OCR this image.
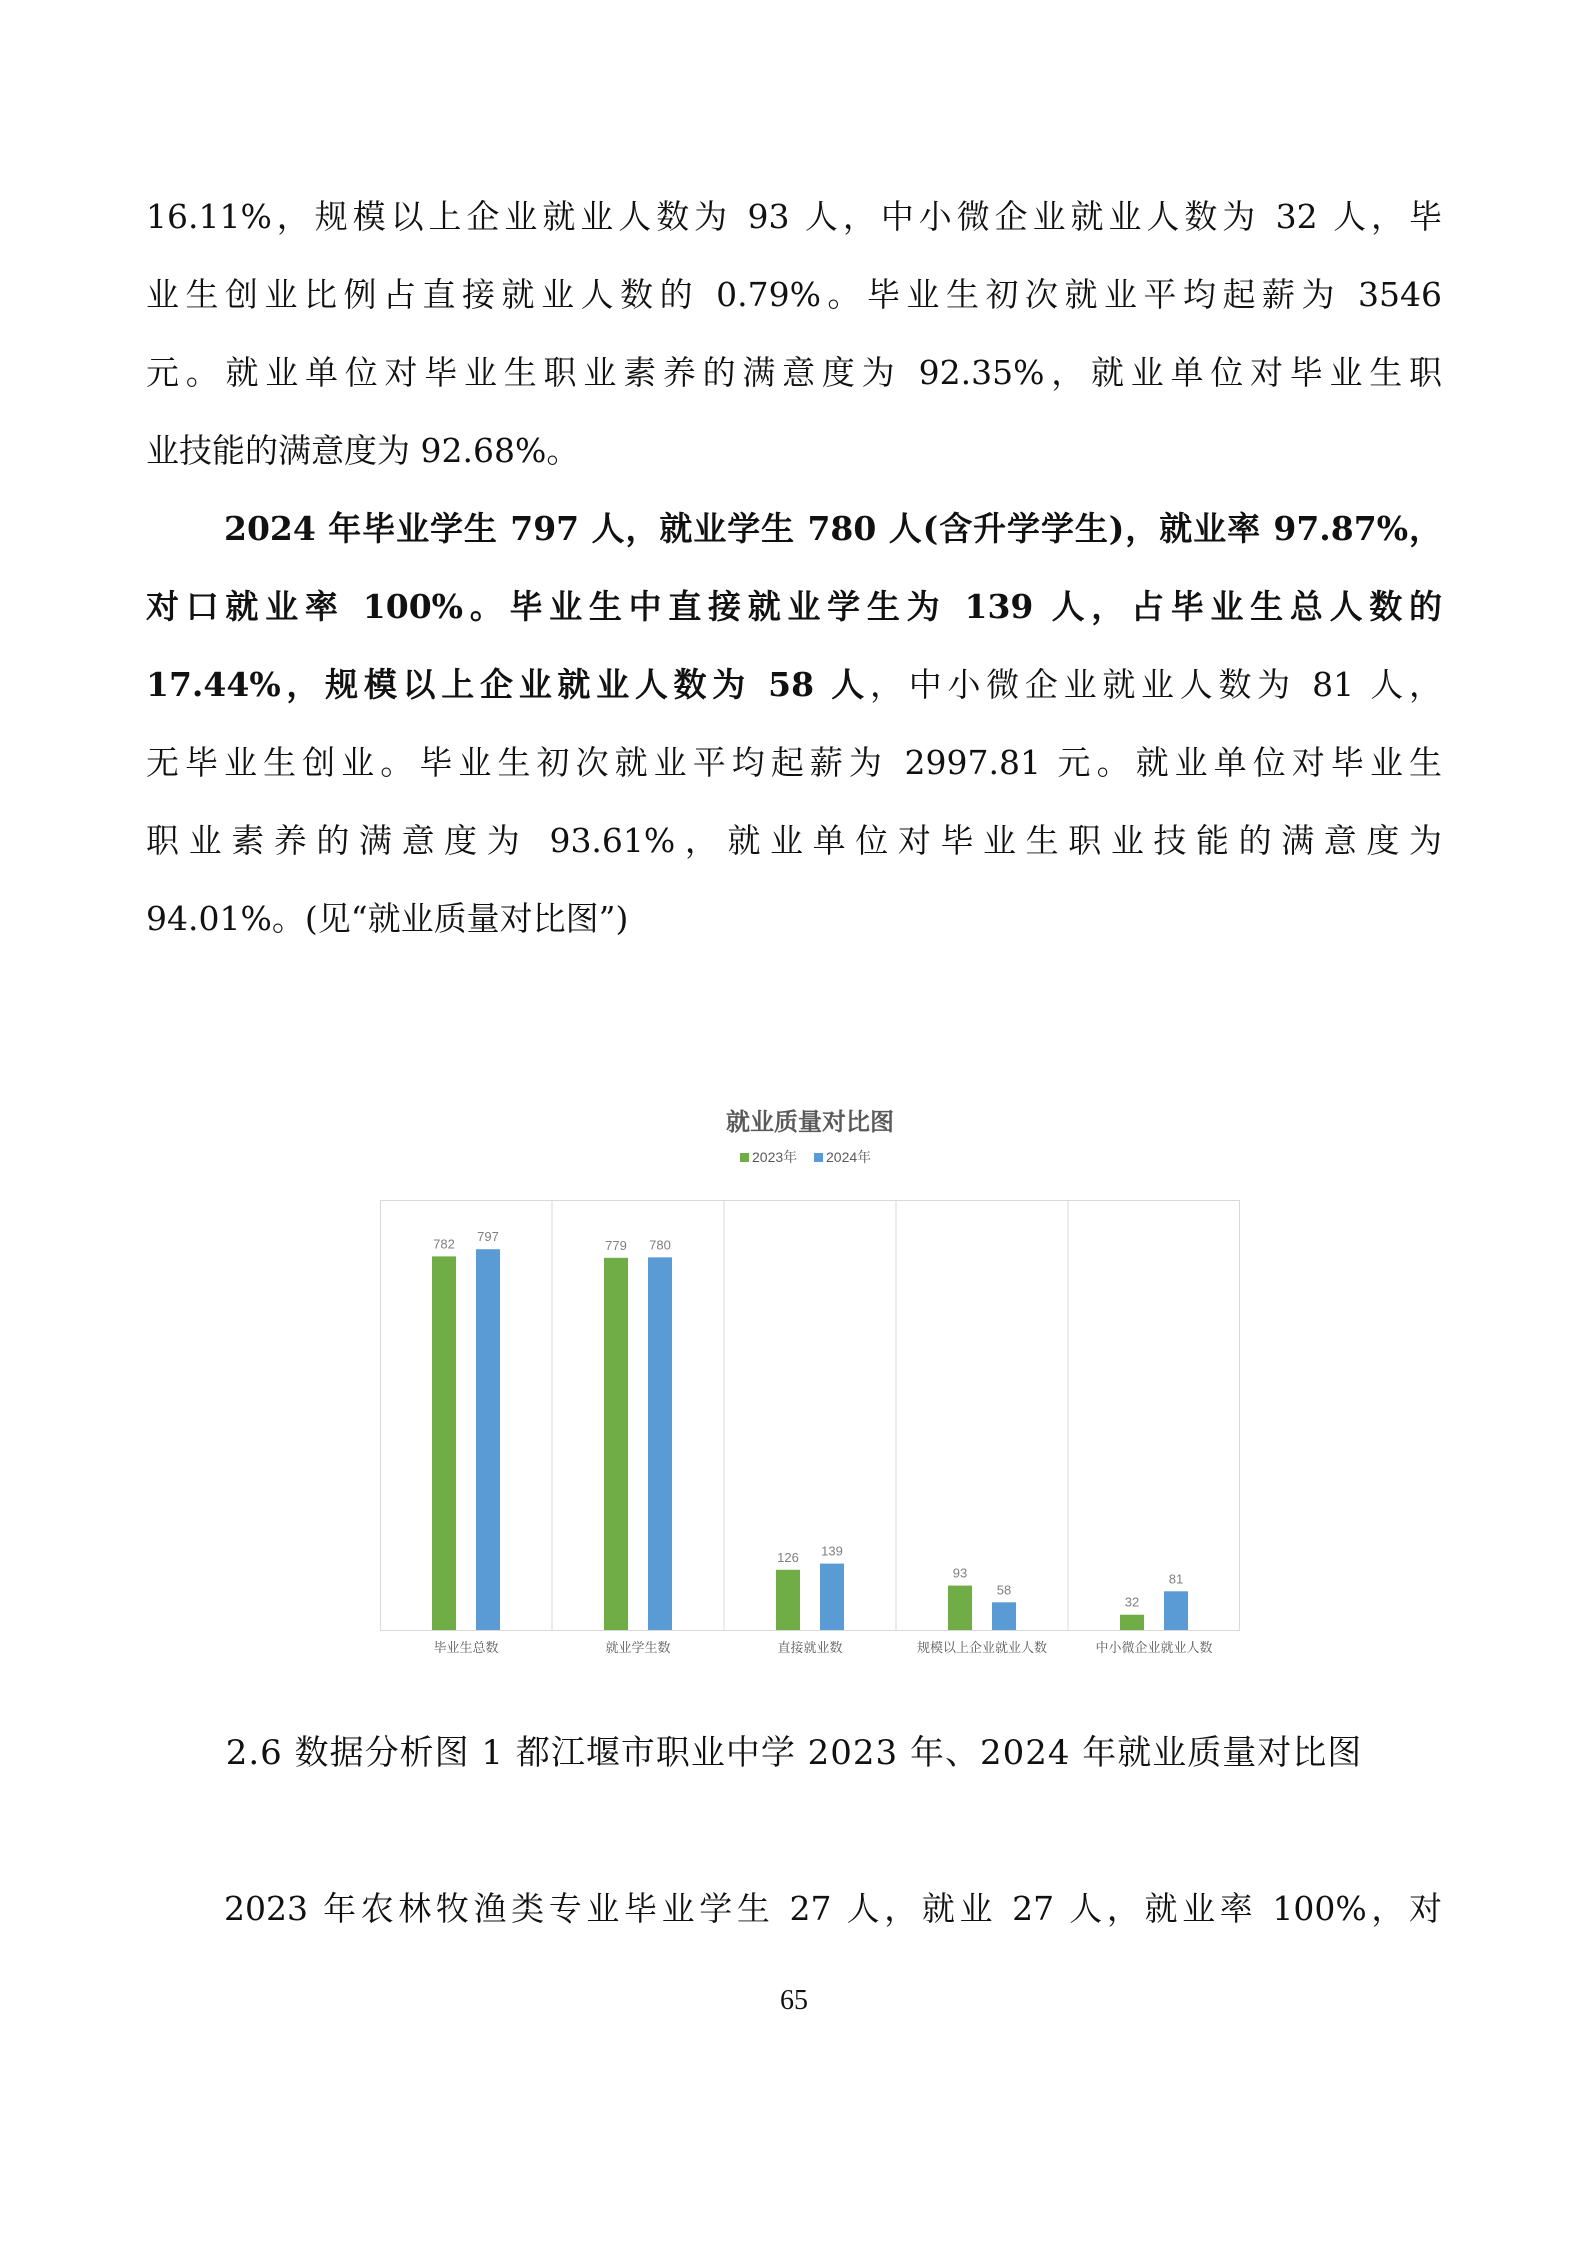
16.11%，规模以上企业就业人数为 93 人，中小微企业就业人数为 32 人，毕
业生创业比例占直接就业人数的 0.79%。毕业生初次就业平均起薪为 3546
元。就业单位对毕业生职业素养的满意度为 92.35%，就业单位对毕业生职
业技能的满意度为 92.68%。
2024 年毕业学生 797 人，就业学生 780 人(含升学学生)，就业率 97.87%，
对口就业率 100%。毕业生中直接就业学生为 139 人，占毕业生总人数的
17.44%，规模以上企业就业人数为 58 人，中小微企业就业人数为 81 人，
无毕业生创业。毕业生初次就业平均起薪为 2997.81 元。就业单位对毕业生
职业素养的满意度为 93.61%，就业单位对毕业生职业技能的满意度为
94.01%。(见“就业质量对比图”)
就业质量对比图
2023年 2024年
782 797
毕业生总数
779 780
就业学生数
126 139
直接就业数
93
58
规模以上企业就业人数
32
81
中小微企业就业人数
2.6 数据分析图 1 都江堰市职业中学 2023 年、2024 年就业质量对比图
2023 年农林牧渔类专业毕业学生 27 人，就业 27 人，就业率 100%，对
65
